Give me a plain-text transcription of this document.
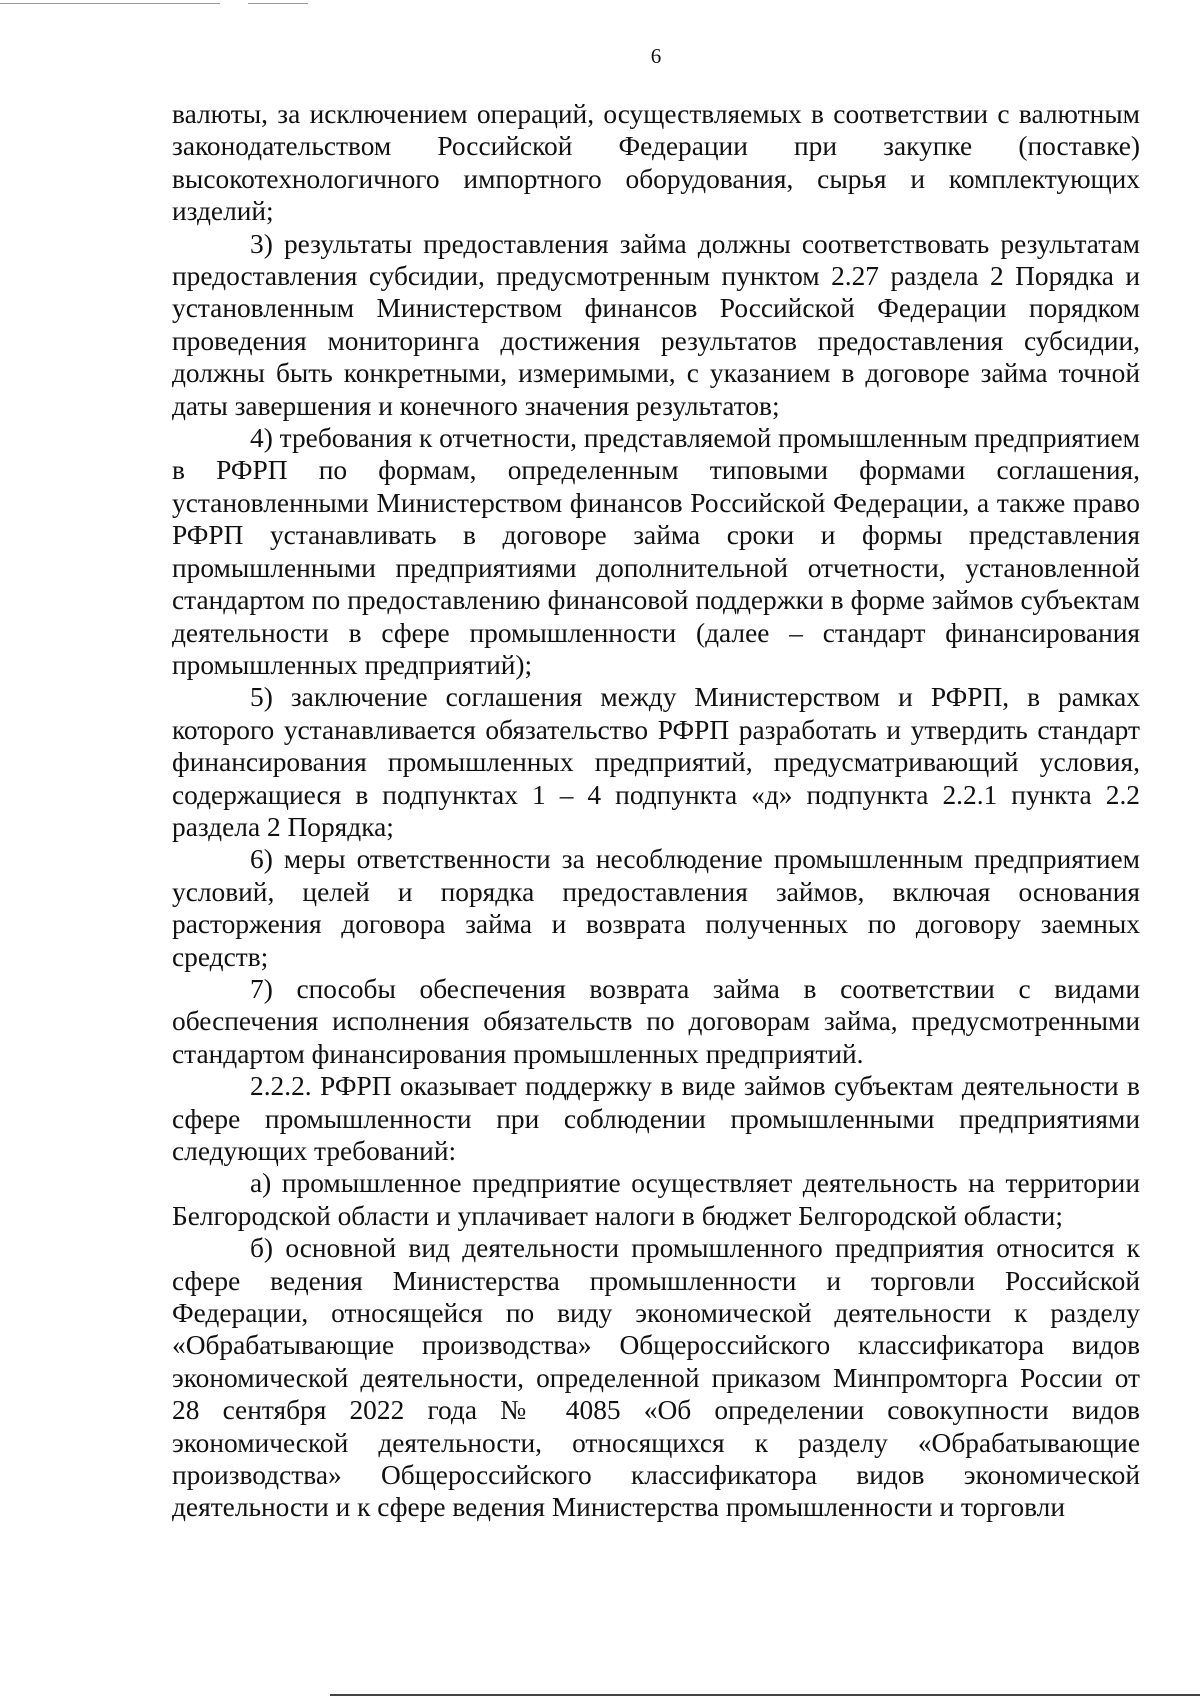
6

валюты, за исключением операций, осуществляемых в соответствии с валютным законодательством Российской Федерации при закупке (поставке) высокотехнологичного импортного оборудования, сырья и комплектующих изделий;

3) результаты предоставления займа должны соответствовать результатам предоставления субсидии, предусмотренным пунктом 2.27 раздела 2 Порядка и установленным Министерством финансов Российской Федерации порядком проведения мониторинга достижения результатов предоставления субсидии, должны быть конкретными, измеримыми, с указанием в договоре займа точной даты завершения и конечного значения результатов;

4) требования к отчетности, представляемой промышленным предприятием в РФРП по формам, определенным типовыми формами соглашения, установленными Министерством финансов Российской Федерации, а также право РФРП устанавливать в договоре займа сроки и формы представления промышленными предприятиями дополнительной отчетности, установленной стандартом по предоставлению финансовой поддержки в форме займов субъектам деятельности в сфере промышленности (далее – стандарт финансирования промышленных предприятий);

5) заключение соглашения между Министерством и РФРП, в рамках которого устанавливается обязательство РФРП разработать и утвердить стандарт финансирования промышленных предприятий, предусматривающий условия, содержащиеся в подпунктах 1 – 4 подпункта «д» подпункта 2.2.1 пункта 2.2 раздела 2 Порядка;

6) меры ответственности за несоблюдение промышленным предприятием условий, целей и порядка предоставления займов, включая основания расторжения договора займа и возврата полученных по договору заемных средств;

7) способы обеспечения возврата займа в соответствии с видами обеспечения исполнения обязательств по договорам займа, предусмотренными стандартом финансирования промышленных предприятий.

2.2.2. РФРП оказывает поддержку в виде займов субъектам деятельности в сфере промышленности при соблюдении промышленными предприятиями следующих требований:

а) промышленное предприятие осуществляет деятельность на территории Белгородской области и уплачивает налоги в бюджет Белгородской области;

б) основной вид деятельности промышленного предприятия относится к сфере ведения Министерства промышленности и торговли Российской Федерации, относящейся по виду экономической деятельности к разделу «Обрабатывающие производства» Общероссийского классификатора видов экономической деятельности, определенной приказом Минпромторга России от 28 сентября 2022 года № 4085 «Об определении совокупности видов экономической деятельности, относящихся к разделу «Обрабатывающие производства» Общероссийского классификатора видов экономической деятельности и к сфере ведения Министерства промышленности и торговли
